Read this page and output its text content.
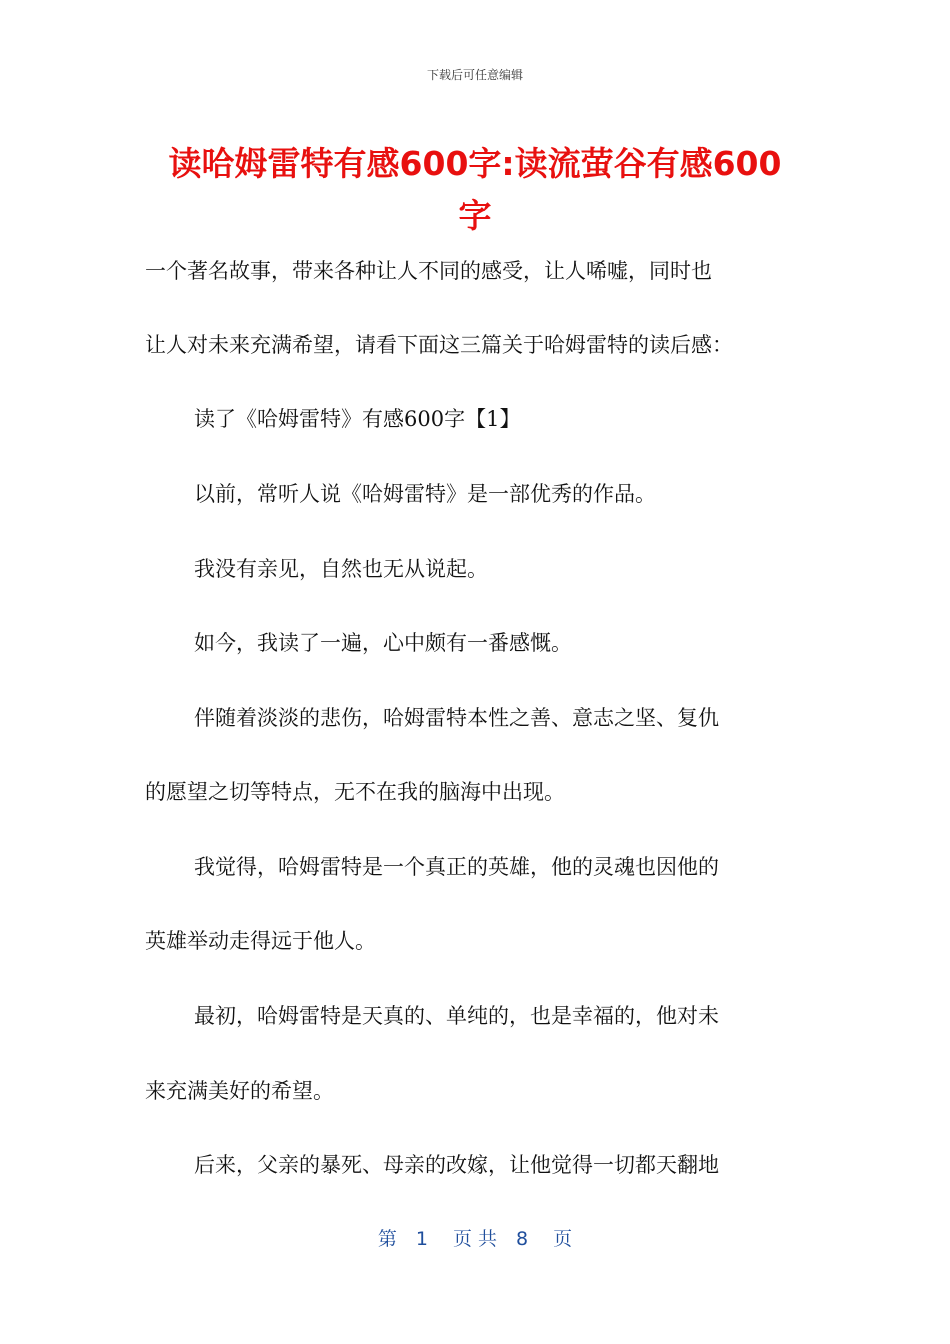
下载后可任意编辑
读哈姆雷特有感600字:读流萤谷有感600
字
一个著名故事，带来各种让人不同的感受，让人唏嘘，同时也
让人对未来充满希望，请看下面这三篇关于哈姆雷特的读后感：
读了《哈姆雷特》有感600字【1】
以前，常听人说《哈姆雷特》是一部优秀的作品。
我没有亲见，自然也无从说起。
如今，我读了一遍，心中颇有一番感慨。
伴随着淡淡的悲伤，哈姆雷特本性之善、意志之坚、复仇
的愿望之切等特点，无不在我的脑海中出现。
我觉得，哈姆雷特是一个真正的英雄，他的灵魂也因他的
英雄举动走得远于他人。
最初，哈姆雷特是天真的、单纯的，也是幸福的，他对未
来充满美好的希望。
后来，父亲的暴死、母亲的改嫁，让他觉得一切都天翻地
第　1　 页 共　8　 页
